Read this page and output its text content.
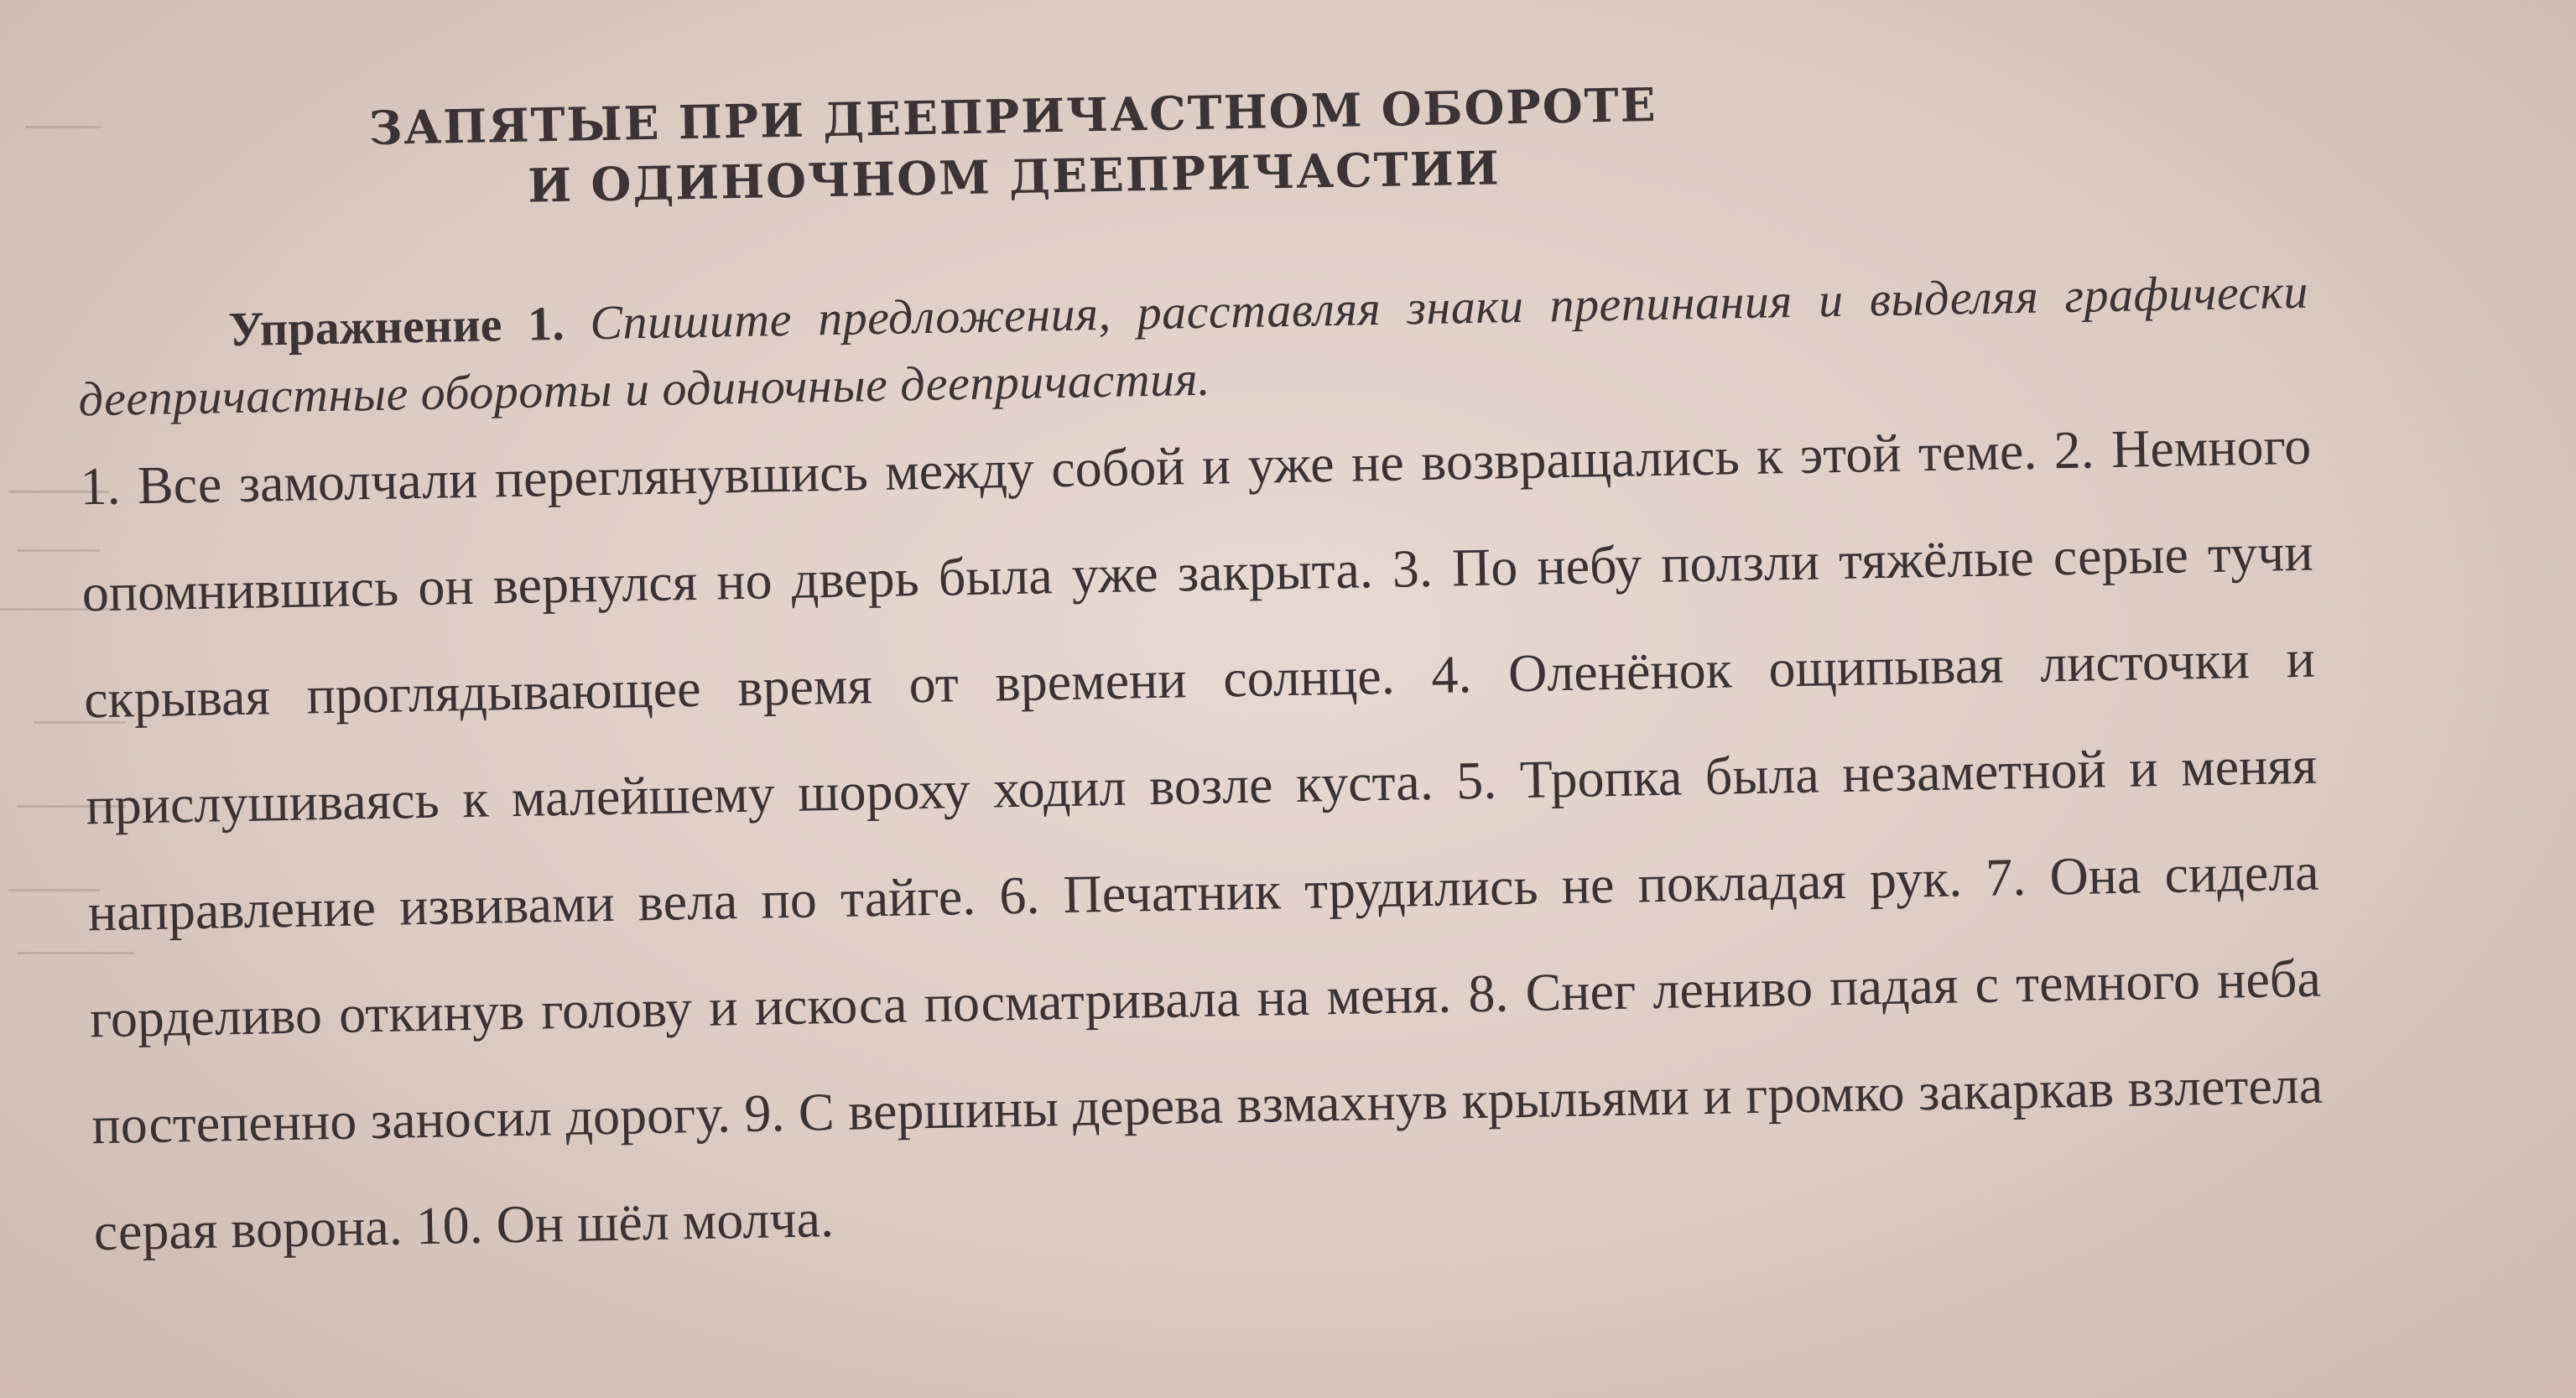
ЗАПЯТЫЕ ПРИ ДЕЕПРИЧАСТНОМ ОБОРОТЕ
И ОДИНОЧНОМ ДЕЕПРИЧАСТИИ
Упражнение 1. Спишите предложения, расставляя знаки препинания и выделяя графически деепричастные обороты и одиночные деепричастия.
1. Все замолчали переглянувшись между собой и уже не возвращались к этой теме. 2. Немного опомнившись он вернулся но дверь была уже закрыта. 3. По небу ползли тяжёлые серые тучи скрывая проглядывающее время от времени солнце. 4. Оленёнок ощипывая листочки и прислушиваясь к малейшему шороху ходил возле куста. 5. Тропка была незаметной и меняя направление извивами вела по тайге. 6. Печатник трудились не покладая рук. 7. Она сидела горделиво откинув голову и искоса посматривала на меня. 8. Снег лениво падая с темного неба постепенно заносил дорогу. 9. С вершины дерева взмахнув крыльями и громко закаркав взлетела серая ворона. 10. Он шёл молча.
